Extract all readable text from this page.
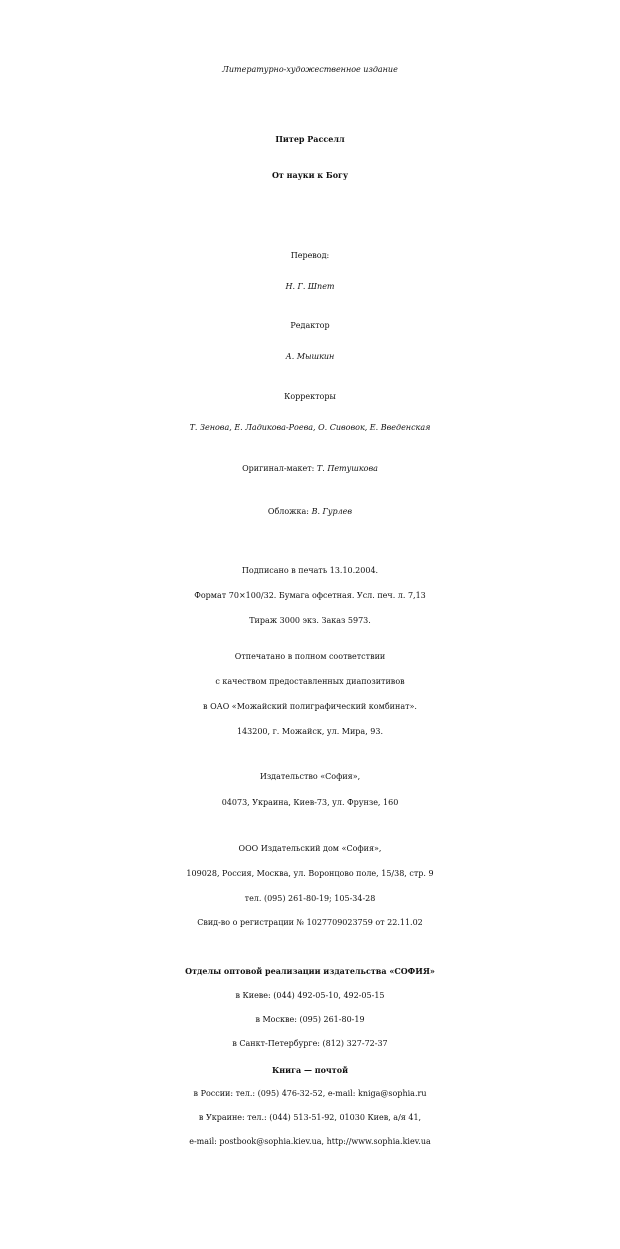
Литературно-художественное издание
Питер Расселл
От науки к Богу
Перевод:
Н. Г. Шпет
Редактор
А. Мышкин
Корректоры
Т. Зенова, Е. Ладикова-Роева, О. Сивовок, Е. Введенская
Оригинал-макет: Т. Петушкова
Обложка: В. Гурлев
Подписано в печать 13.10.2004.
Формат 70×100/32. Бумага офсетная. Усл. печ. л. 7,13
Тираж 3000 экз. Заказ 5973.
Отпечатано в полном соответствии
с качеством предоставленных диапозитивов
в ОАО «Можайский полиграфический комбинат».
143200, г. Можайск, ул. Мира, 93.
Издательство «София»,
04073, Украина, Киев-73, ул. Фрунзе, 160
ООО Издательский дом «София»,
109028, Россия, Москва, ул. Воронцово поле, 15/38, стр. 9
тел. (095) 261-80-19; 105-34-28
Свид-во о регистрации № 1027709023759 от 22.11.02
Отделы оптовой реализации издательства «СОФИЯ»
в Киеве: (044) 492-05-10, 492-05-15
в Москве: (095) 261-80-19
в Санкт-Петербурге: (812) 327-72-37
Книга — почтой
в России: тел.: (095) 476-32-52, e-mail: kniga@sophia.ru
в Украине: тел.: (044) 513-51-92, 01030 Киев, а/я 41,
e-mail: postbook@sophia.kiev.ua, http://www.sophia.kiev.ua
